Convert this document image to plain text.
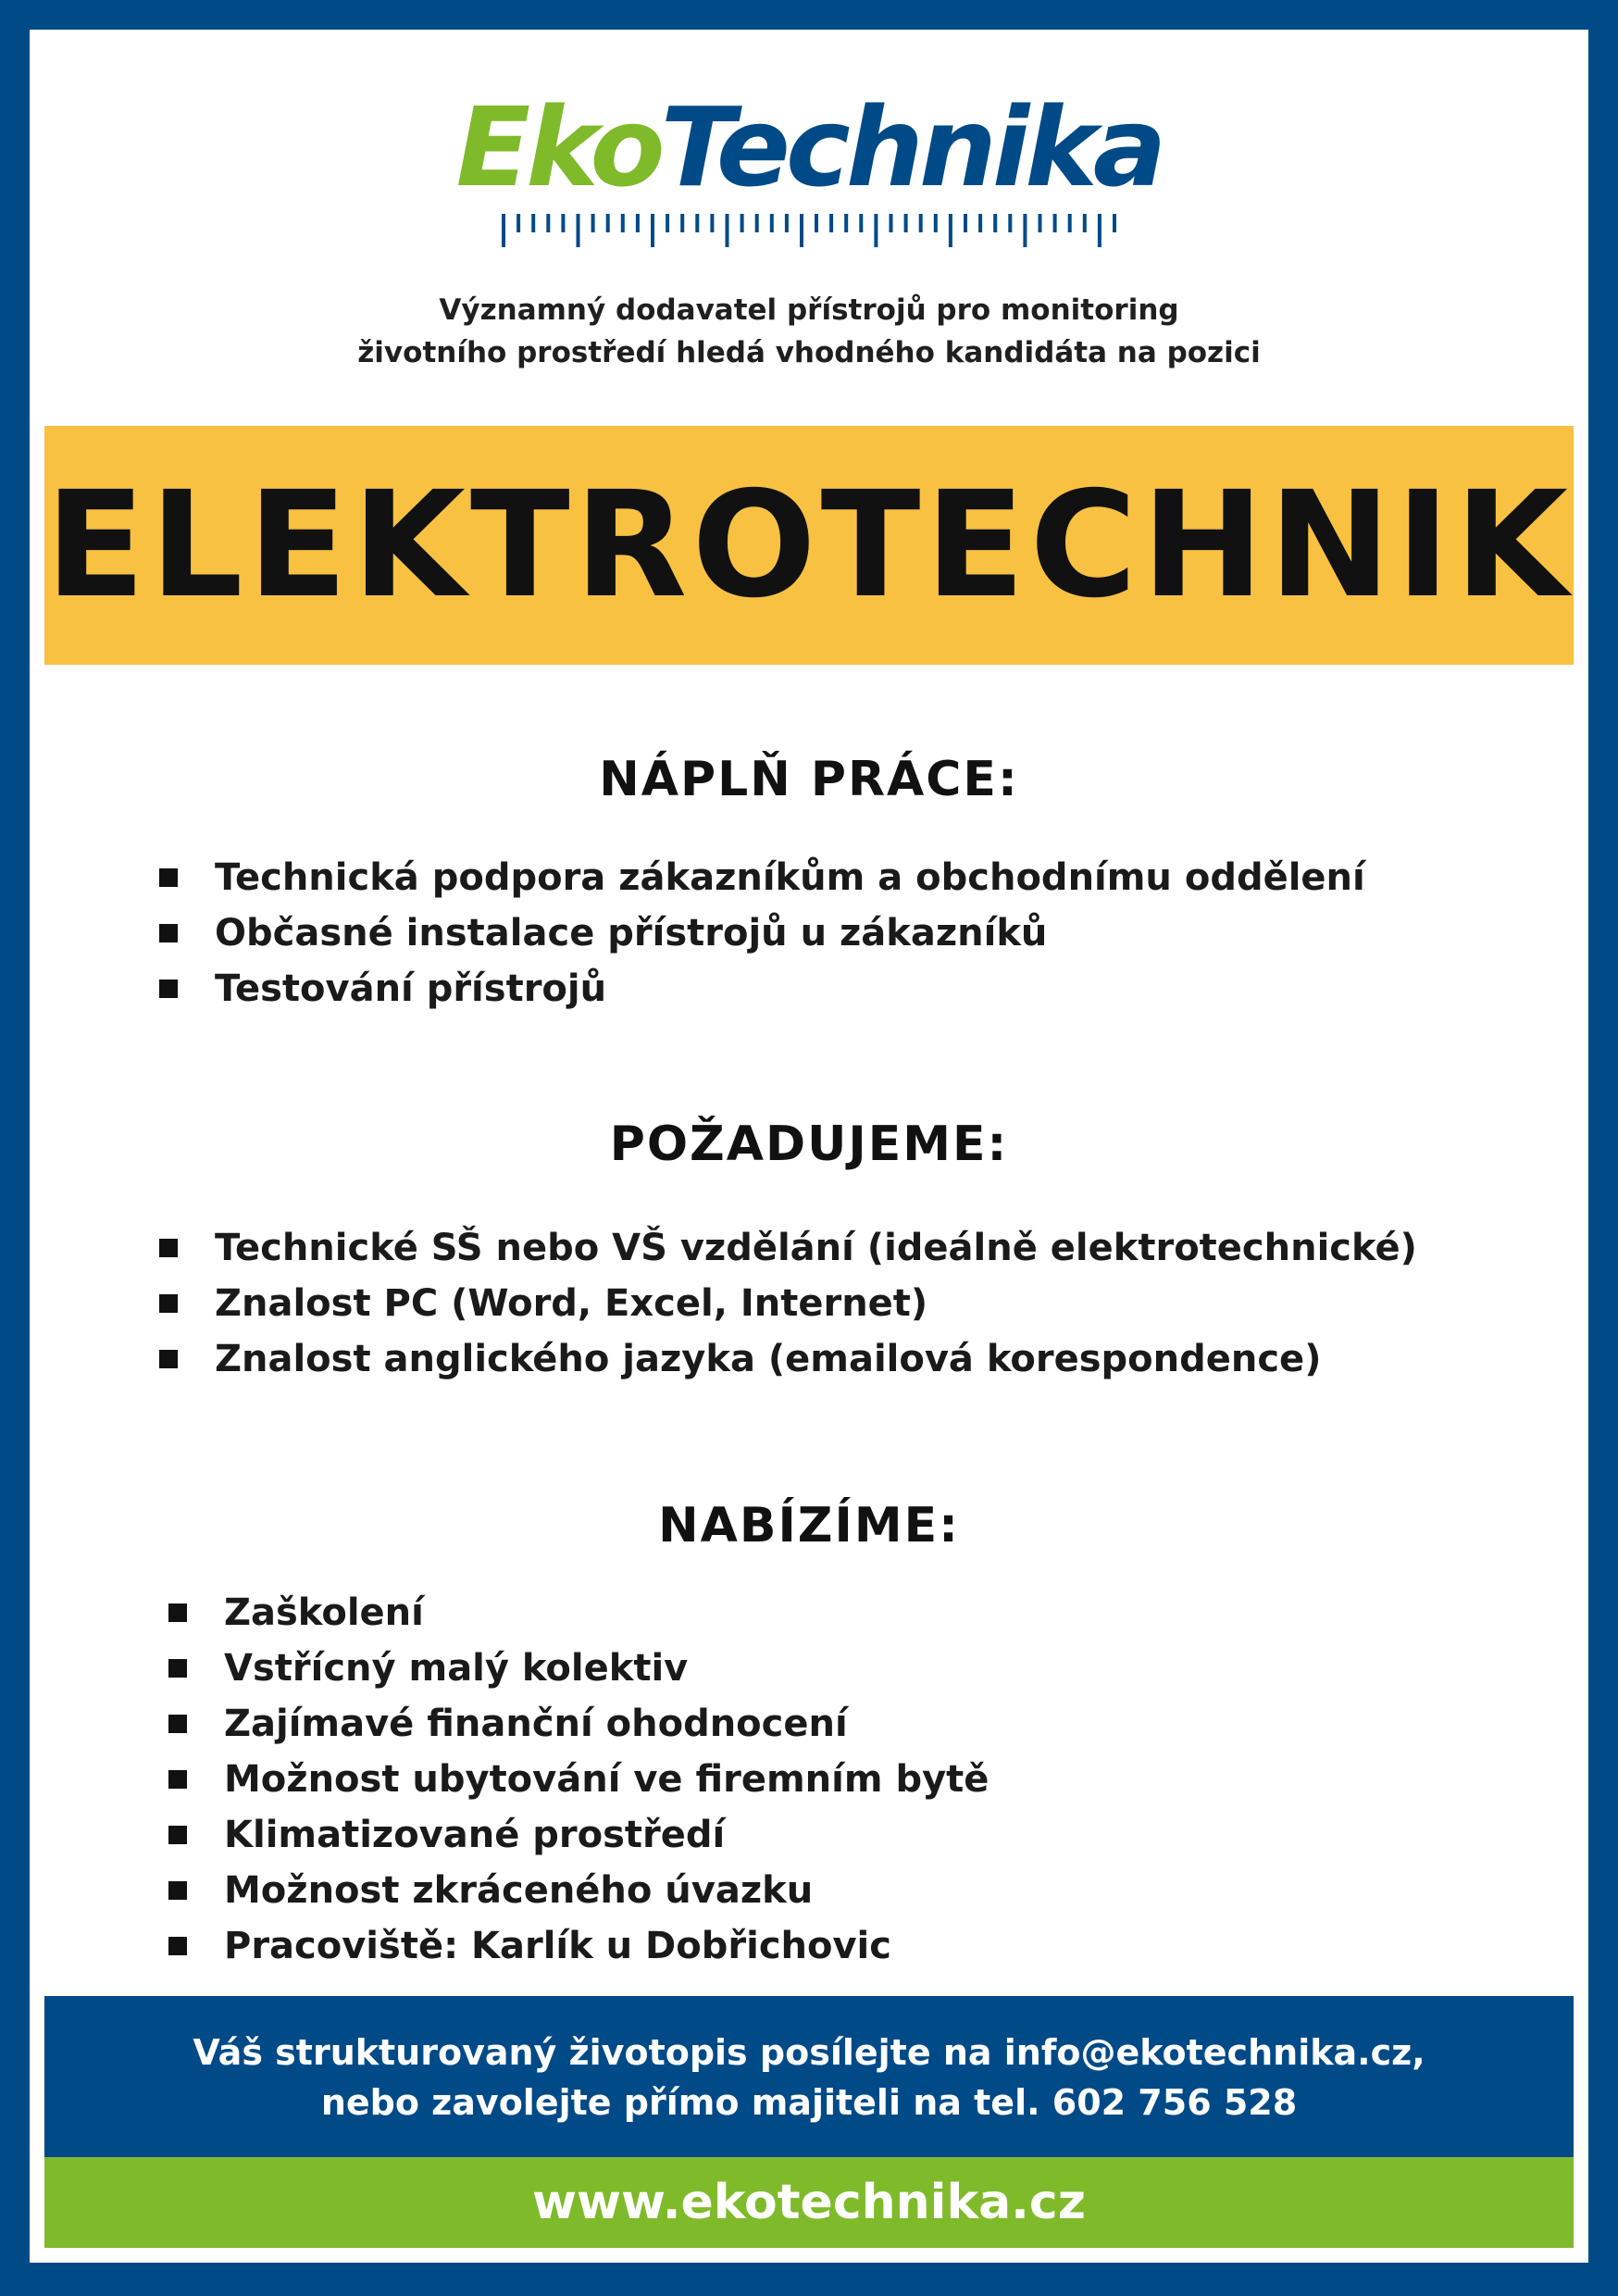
EkoTechnika
Významný dodavatel přístrojů pro monitoring
životního prostředí hledá vhodného kandidáta na pozici
ELEKTROTECHNIK
NÁPLŇ PRÁCE:
Technická podpora zákazníkům a obchodnímu oddělení
Občasné instalace přístrojů u zákazníků
Testování přístrojů
POŽADUJEME:
Technické SŠ nebo VŠ vzdělání (ideálně elektrotechnické)
Znalost PC (Word, Excel, Internet)
Znalost anglického jazyka (emailová korespondence)
NABÍZÍME:
Zaškolení
Vstřícný malý kolektiv
Zajímavé finanční ohodnocení
Možnost ubytování ve firemním bytě
Klimatizované prostředí
Možnost zkráceného úvazku
Pracoviště: Karlík u Dobřichovic
Váš strukturovaný životopis posílejte na info@ekotechnika.cz,
nebo zavolejte přímo majiteli na tel. 602 756 528
www.ekotechnika.cz
